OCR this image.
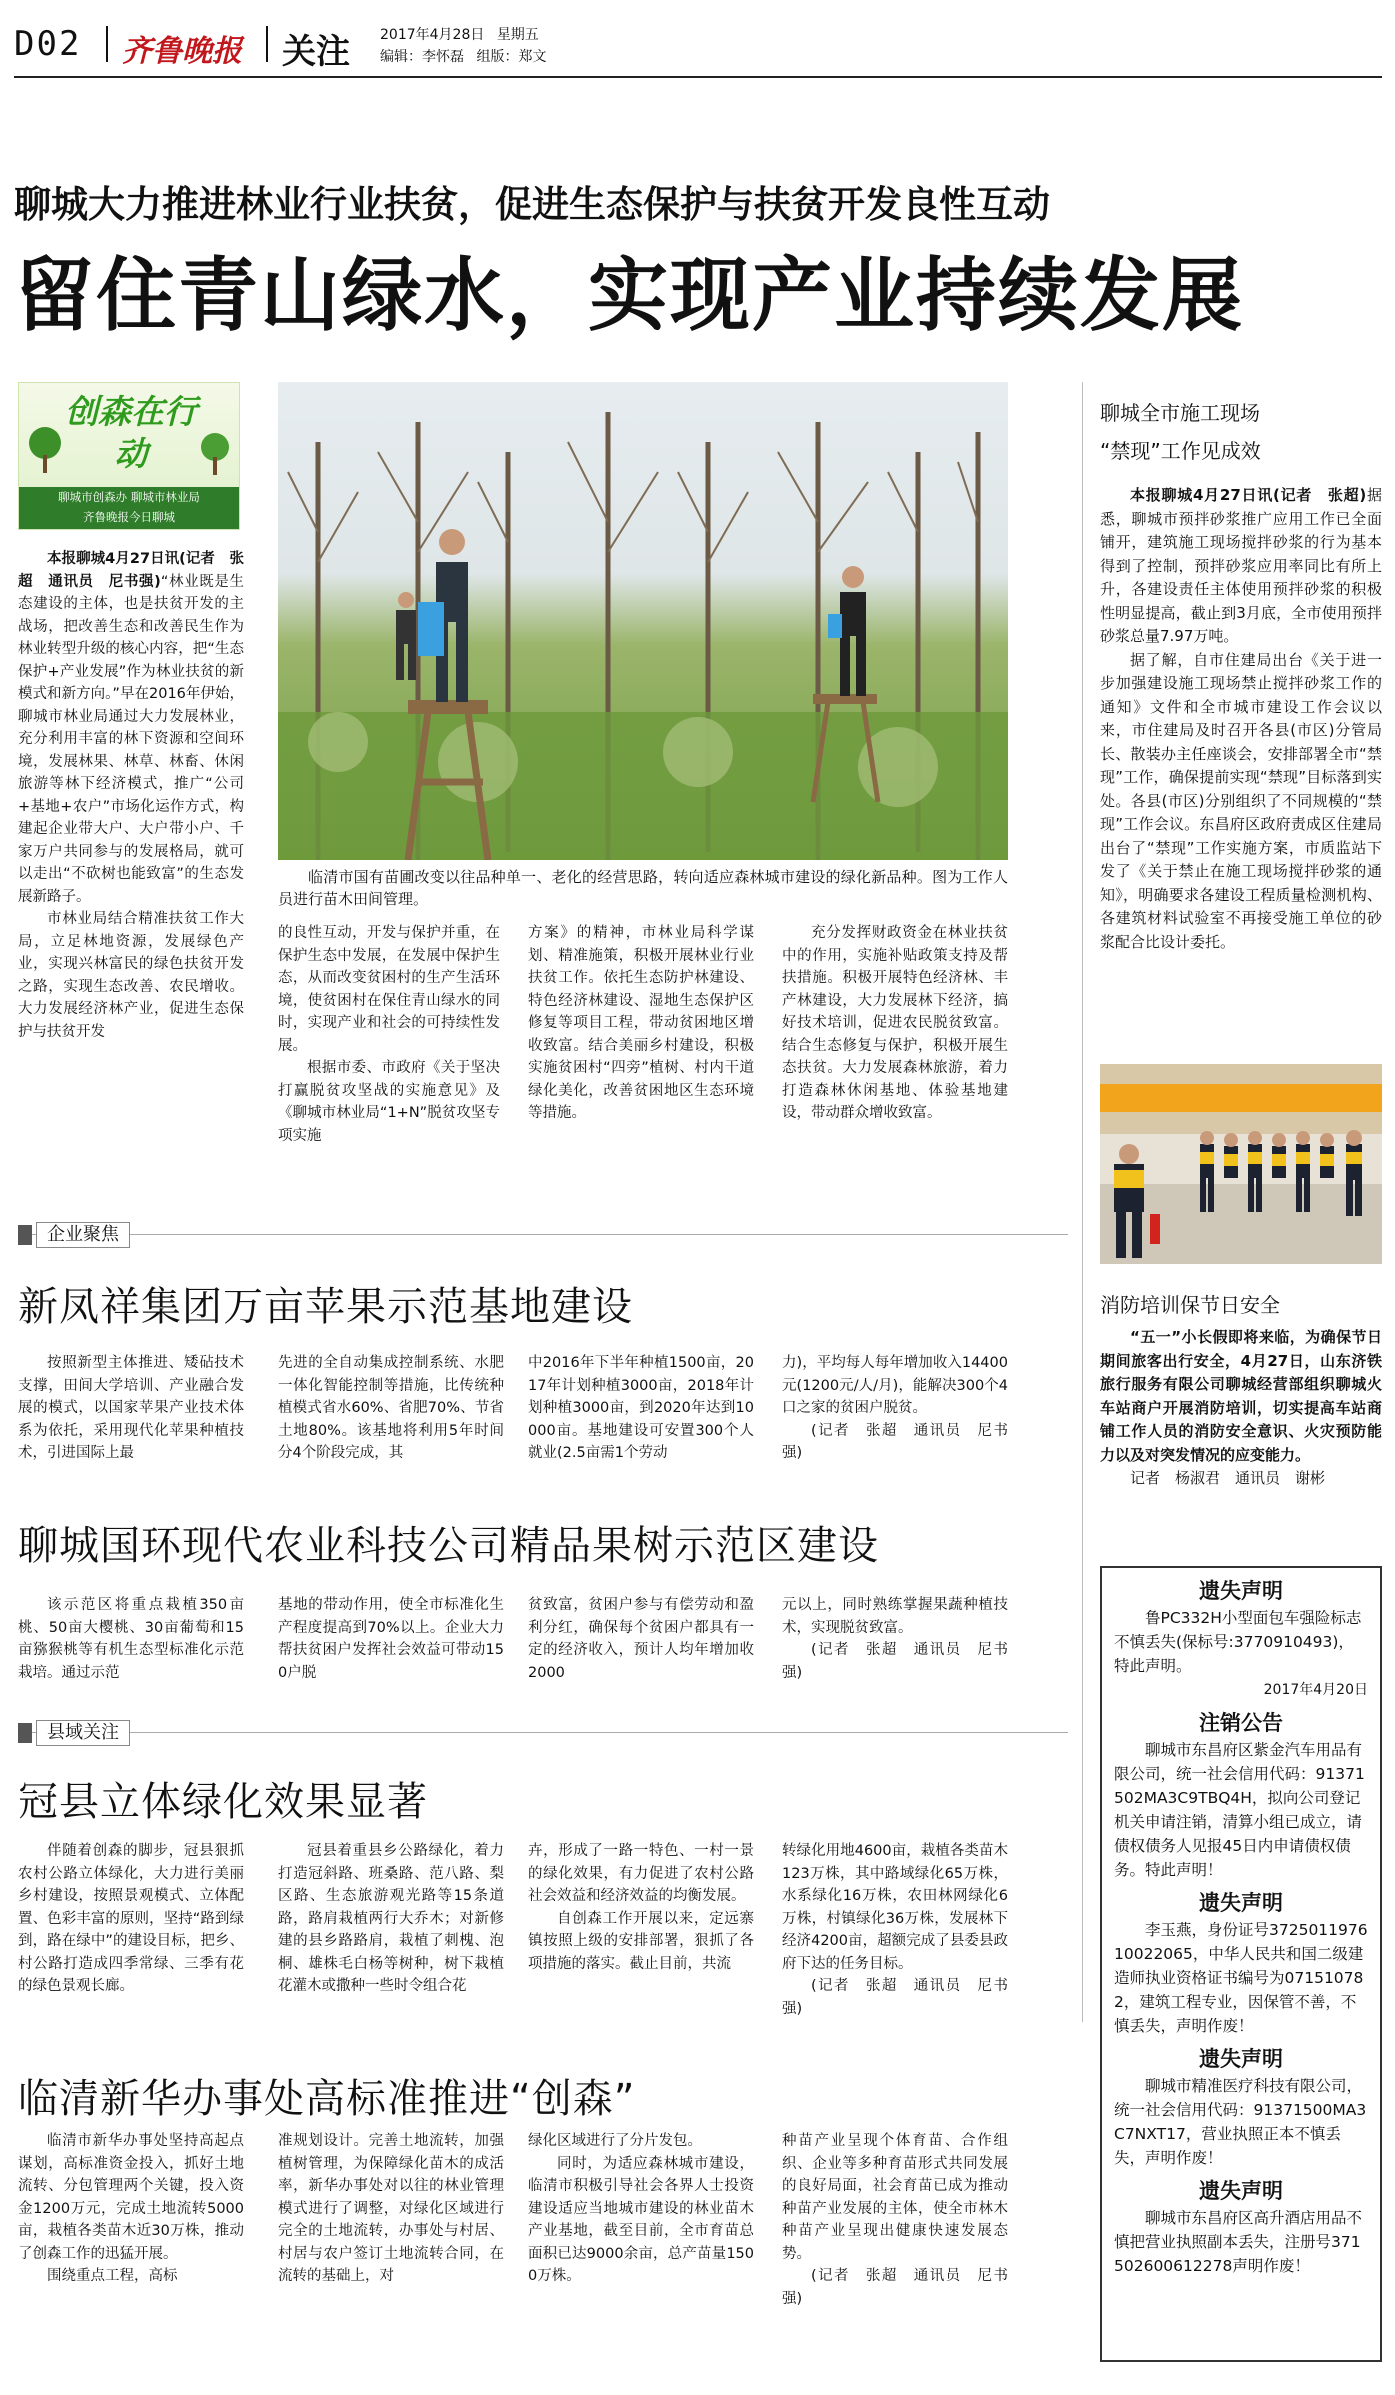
D02 齐鲁晚报 关注 2017年4月28日 星期五
编辑：李怀磊 组版：郑文
聊城大力推进林业行业扶贫，促进生态保护与扶贫开发良性互动
留住青山绿水，实现产业持续发展
创森在行动
聊城市创森办 聊城市林业局
齐鲁晚报今日聊城
临清市国有苗圃改变以往品种单一、老化的经营思路，转向适应森林城市建设的绿化新品种。图为工作人员进行苗木田间管理。

本报聊城4月27日讯(记者　张超　通讯员　尼书强)“林业既是生态建设的主体，也是扶贫开发的主战场，把改善生态和改善民生作为林业转型升级的核心内容，把“生态保护+产业发展”作为林业扶贫的新模式和新方向。”早在2016年伊始，聊城市林业局通过大力发展林业，充分利用丰富的林下资源和空间环境，发展林果、林草、林畜、休闲旅游等林下经济模式，推广“公司+基地+农户”市场化运作方式，构建起企业带大户、大户带小户、千家万户共同参与的发展格局，就可以走出“不砍树也能致富”的生态发展新路子。

市林业局结合精准扶贫工作大局，立足林地资源，发展绿色产业，实现兴林富民的绿色扶贫开发之路，实现生态改善、农民增收。大力发展经济林产业，促进生态保护与扶贫开发

的良性互动，开发与保护并重，在保护生态中发展，在发展中保护生态，从而改变贫困村的生产生活环境，使贫困村在保住青山绿水的同时，实现产业和社会的可持续性发展。

根据市委、市政府《关于坚决打赢脱贫攻坚战的实施意见》及《聊城市林业局“1+N”脱贫攻坚专项实施

方案》的精神，市林业局科学谋划、精准施策，积极开展林业行业扶贫工作。依托生态防护林建设、特色经济林建设、湿地生态保护区修复等项目工程，带动贫困地区增收致富。结合美丽乡村建设，积极实施贫困村“四旁”植树、村内干道绿化美化，改善贫困地区生态环境等措施。

充分发挥财政资金在林业扶贫中的作用，实施补贴政策支持及帮扶措施。积极开展特色经济林、丰产林建设，大力发展林下经济，搞好技术培训，促进农民脱贫致富。结合生态修复与保护，积极开展生态扶贫。大力发展森林旅游，着力打造森林休闲基地、体验基地建设，带动群众增收致富。

聊城全市施工现场
“禁现”工作见成效

本报聊城4月27日讯(记者　张超)据悉，聊城市预拌砂浆推广应用工作已全面铺开，建筑施工现场搅拌砂浆的行为基本得到了控制，预拌砂浆应用率同比有所上升，各建设责任主体使用预拌砂浆的积极性明显提高，截止到3月底，全市使用预拌砂浆总量7.97万吨。

据了解，自市住建局出台《关于进一步加强建设施工现场禁止搅拌砂浆工作的通知》文件和全市城市建设工作会议以来，市住建局及时召开各县(市区)分管局长、散装办主任座谈会，安排部署全市“禁现”工作，确保提前实现“禁现”目标落到实处。各县(市区)分别组织了不同规模的“禁现”工作会议。东昌府区政府责成区住建局出台了“禁现”工作实施方案，市质监站下发了《关于禁止在施工现场搅拌砂浆的通知》，明确要求各建设工程质量检测机构、各建筑材料试验室不再接受施工单位的砂浆配合比设计委托。

消防培训保节日安全

“五一”小长假即将来临，为确保节日期间旅客出行安全，4月27日，山东济铁旅行服务有限公司聊城经营部组织聊城火车站商户开展消防培训，切实提高车站商铺工作人员的消防安全意识、火灾预防能力以及对突发情况的应变能力。

记者　杨淑君　通讯员　谢彬

企业聚焦
新凤祥集团万亩苹果示范基地建设

按照新型主体推进、矮砧技术支撑，田间大学培训、产业融合发展的模式，以国家苹果产业技术体系为依托，采用现代化苹果种植技术，引进国际上最

先进的全自动集成控制系统、水肥一体化智能控制等措施，比传统种植模式省水60%、省肥70%、节省土地80%。该基地将利用5年时间分4个阶段完成，其

中2016年下半年种植1500亩，2017年计划种植3000亩，2018年计划种植3000亩，到2020年达到10000亩。基地建设可安置300个人就业(2.5亩需1个劳动

力)，平均每人每年增加收入14400元(1200元/人/月)，能解决300个4口之家的贫困户脱贫。

(记者　张超　通讯员　尼书强)

聊城国环现代农业科技公司精品果树示范区建设

该示范区将重点栽植350亩桃、50亩大樱桃、30亩葡萄和15亩猕猴桃等有机生态型标准化示范栽培。通过示范

基地的带动作用，使全市标准化生产程度提高到70%以上。企业大力帮扶贫困户发挥社会效益可带动150户脱

贫致富，贫困户参与有偿劳动和盈利分红，确保每个贫困户都具有一定的经济收入，预计人均年增加收2000

元以上，同时熟练掌握果蔬种植技术，实现脱贫致富。

(记者　张超　通讯员　尼书强)

县域关注
冠县立体绿化效果显著

伴随着创森的脚步，冠县狠抓农村公路立体绿化，大力进行美丽乡村建设，按照景观模式、立体配置、色彩丰富的原则，坚持“路到绿到，路在绿中”的建设目标，把乡、村公路打造成四季常绿、三季有花的绿色景观长廊。

冠县着重县乡公路绿化，着力打造冠斜路、班桑路、范八路、梨区路、生态旅游观光路等15条道路，路肩栽植两行大乔木；对新修建的县乡路路肩，栽植了刺槐、泡桐、雄株毛白杨等树种，树下栽植花灌木或撒种一些时令组合花

卉，形成了一路一特色、一村一景的绿化效果，有力促进了农村公路社会效益和经济效益的均衡发展。

自创森工作开展以来，定远寨镇按照上级的安排部署，狠抓了各项措施的落实。截止目前，共流

转绿化用地4600亩，栽植各类苗木123万株，其中路域绿化65万株，水系绿化16万株，农田林网绿化6万株，村镇绿化36万株，发展林下经济4200亩，超额完成了县委县政府下达的任务目标。

(记者　张超　通讯员　尼书强)

临清新华办事处高标准推进“创森”

临清市新华办事处坚持高起点谋划，高标准资金投入，抓好土地流转、分包管理两个关键，投入资金1200万元，完成土地流转5000亩，栽植各类苗木近30万株，推动了创森工作的迅猛开展。

围绕重点工程，高标

准规划设计。完善土地流转，加强植树管理，为保障绿化苗木的成活率，新华办事处对以往的林业管理模式进行了调整，对绿化区域进行完全的土地流转，办事处与村居、村居与农户签订土地流转合同，在流转的基础上，对

绿化区域进行了分片发包。

同时，为适应森林城市建设，临清市积极引导社会各界人士投资建设适应当地城市建设的林业苗木产业基地，截至目前，全市育苗总面积已达9000余亩，总产苗量1500万株。

种苗产业呈现个体育苗、合作组织、企业等多种育苗形式共同发展的良好局面，社会育苗已成为推动种苗产业发展的主体，使全市林木种苗产业呈现出健康快速发展态势。

(记者　张超　通讯员　尼书强)

遗失声明

鲁PC332H小型面包车强险标志不慎丢失(保标号:3770910493)，特此声明。

2017年4月20日

注销公告

聊城市东昌府区紫金汽车用品有限公司，统一社会信用代码：91371502MA3C9TBQ4H，拟向公司登记机关申请注销，清算小组已成立，请债权债务人见报45日内申请债权债务。特此声明！

遗失声明

李玉燕，身份证号372501197610022065，中华人民共和国二级建造师执业资格证书编号为071510782，建筑工程专业，因保管不善，不慎丢失，声明作废！

遗失声明

聊城市精准医疗科技有限公司，统一社会信用代码：91371500MA3C7NXT17，营业执照正本不慎丢失，声明作废！

遗失声明

聊城市东昌府区高升酒店用品不慎把营业执照副本丢失，注册号371502600612278声明作废！
